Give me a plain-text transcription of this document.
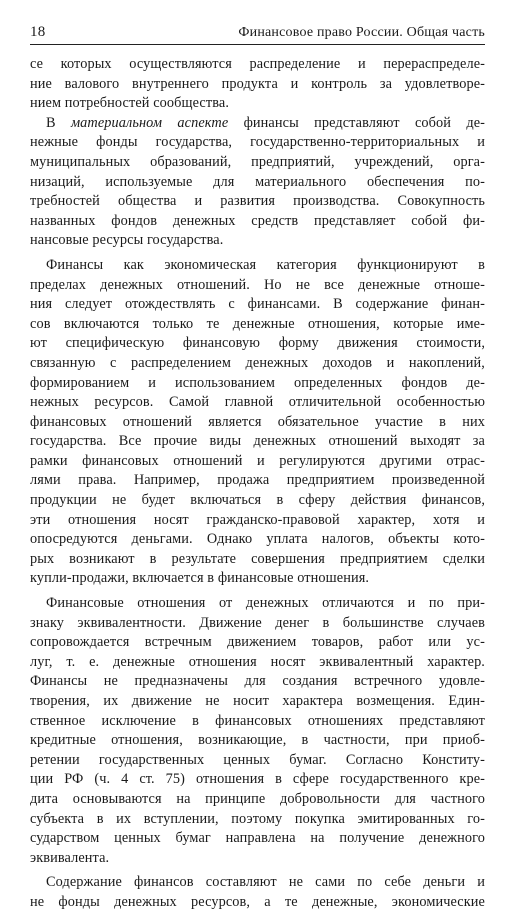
18	Финансовое право России. Общая часть
се которых осуществляются распределение и перераспределе-
ние валового внутреннего продукта и контроль за удовлетворе-
нием потребностей сообщества.
В материальном аспекте финансы представляют собой де-
нежные фонды государства, государственно-территориальных и
муниципальных образований, предприятий, учреждений, орга-
низаций, используемые для материального обеспечения по-
требностей общества и развития производства. Совокупность
названных фондов денежных средств представляет собой фи-
нансовые ресурсы государства.
Финансы как экономическая категория функционируют в
пределах денежных отношений. Но не все денежные отноше-
ния следует отождествлять с финансами. В содержание финан-
сов включаются только те денежные отношения, которые име-
ют специфическую финансовую форму движения стоимости,
связанную с распределением денежных доходов и накоплений,
формированием и использованием определенных фондов де-
нежных ресурсов. Самой главной отличительной особенностью
финансовых отношений является обязательное участие в них
государства. Все прочие виды денежных отношений выходят за
рамки финансовых отношений и регулируются другими отрас-
лями права. Например, продажа предприятием произведенной
продукции не будет включаться в сферу действия финансов,
эти отношения носят гражданско-правовой характер, хотя и
опосредуются деньгами. Однако уплата налогов, объекты кото-
рых возникают в результате совершения предприятием сделки
купли-продажи, включается в финансовые отношения.
Финансовые отношения от денежных отличаются и по при-
знаку эквивалентности. Движение денег в большинстве случаев
сопровождается встречным движением товаров, работ или ус-
луг, т. е. денежные отношения носят эквивалентный характер.
Финансы не предназначены для создания встречного удовле-
творения, их движение не носит характера возмещения. Един-
ственное исключение в финансовых отношениях представляют
кредитные отношения, возникающие, в частности, при приоб-
ретении государственных ценных бумаг. Согласно Конститу-
ции РФ (ч. 4 ст. 75) отношения в сфере государственного кре-
дита основываются на принципе добровольности для частного
субъекта в их вступлении, поэтому покупка эмитированных го-
сударством ценных бумаг направлена на получение денежного
эквивалента.
Содержание финансов составляют не сами по себе деньги и
не фонды денежных ресурсов, а те денежные, экономические
